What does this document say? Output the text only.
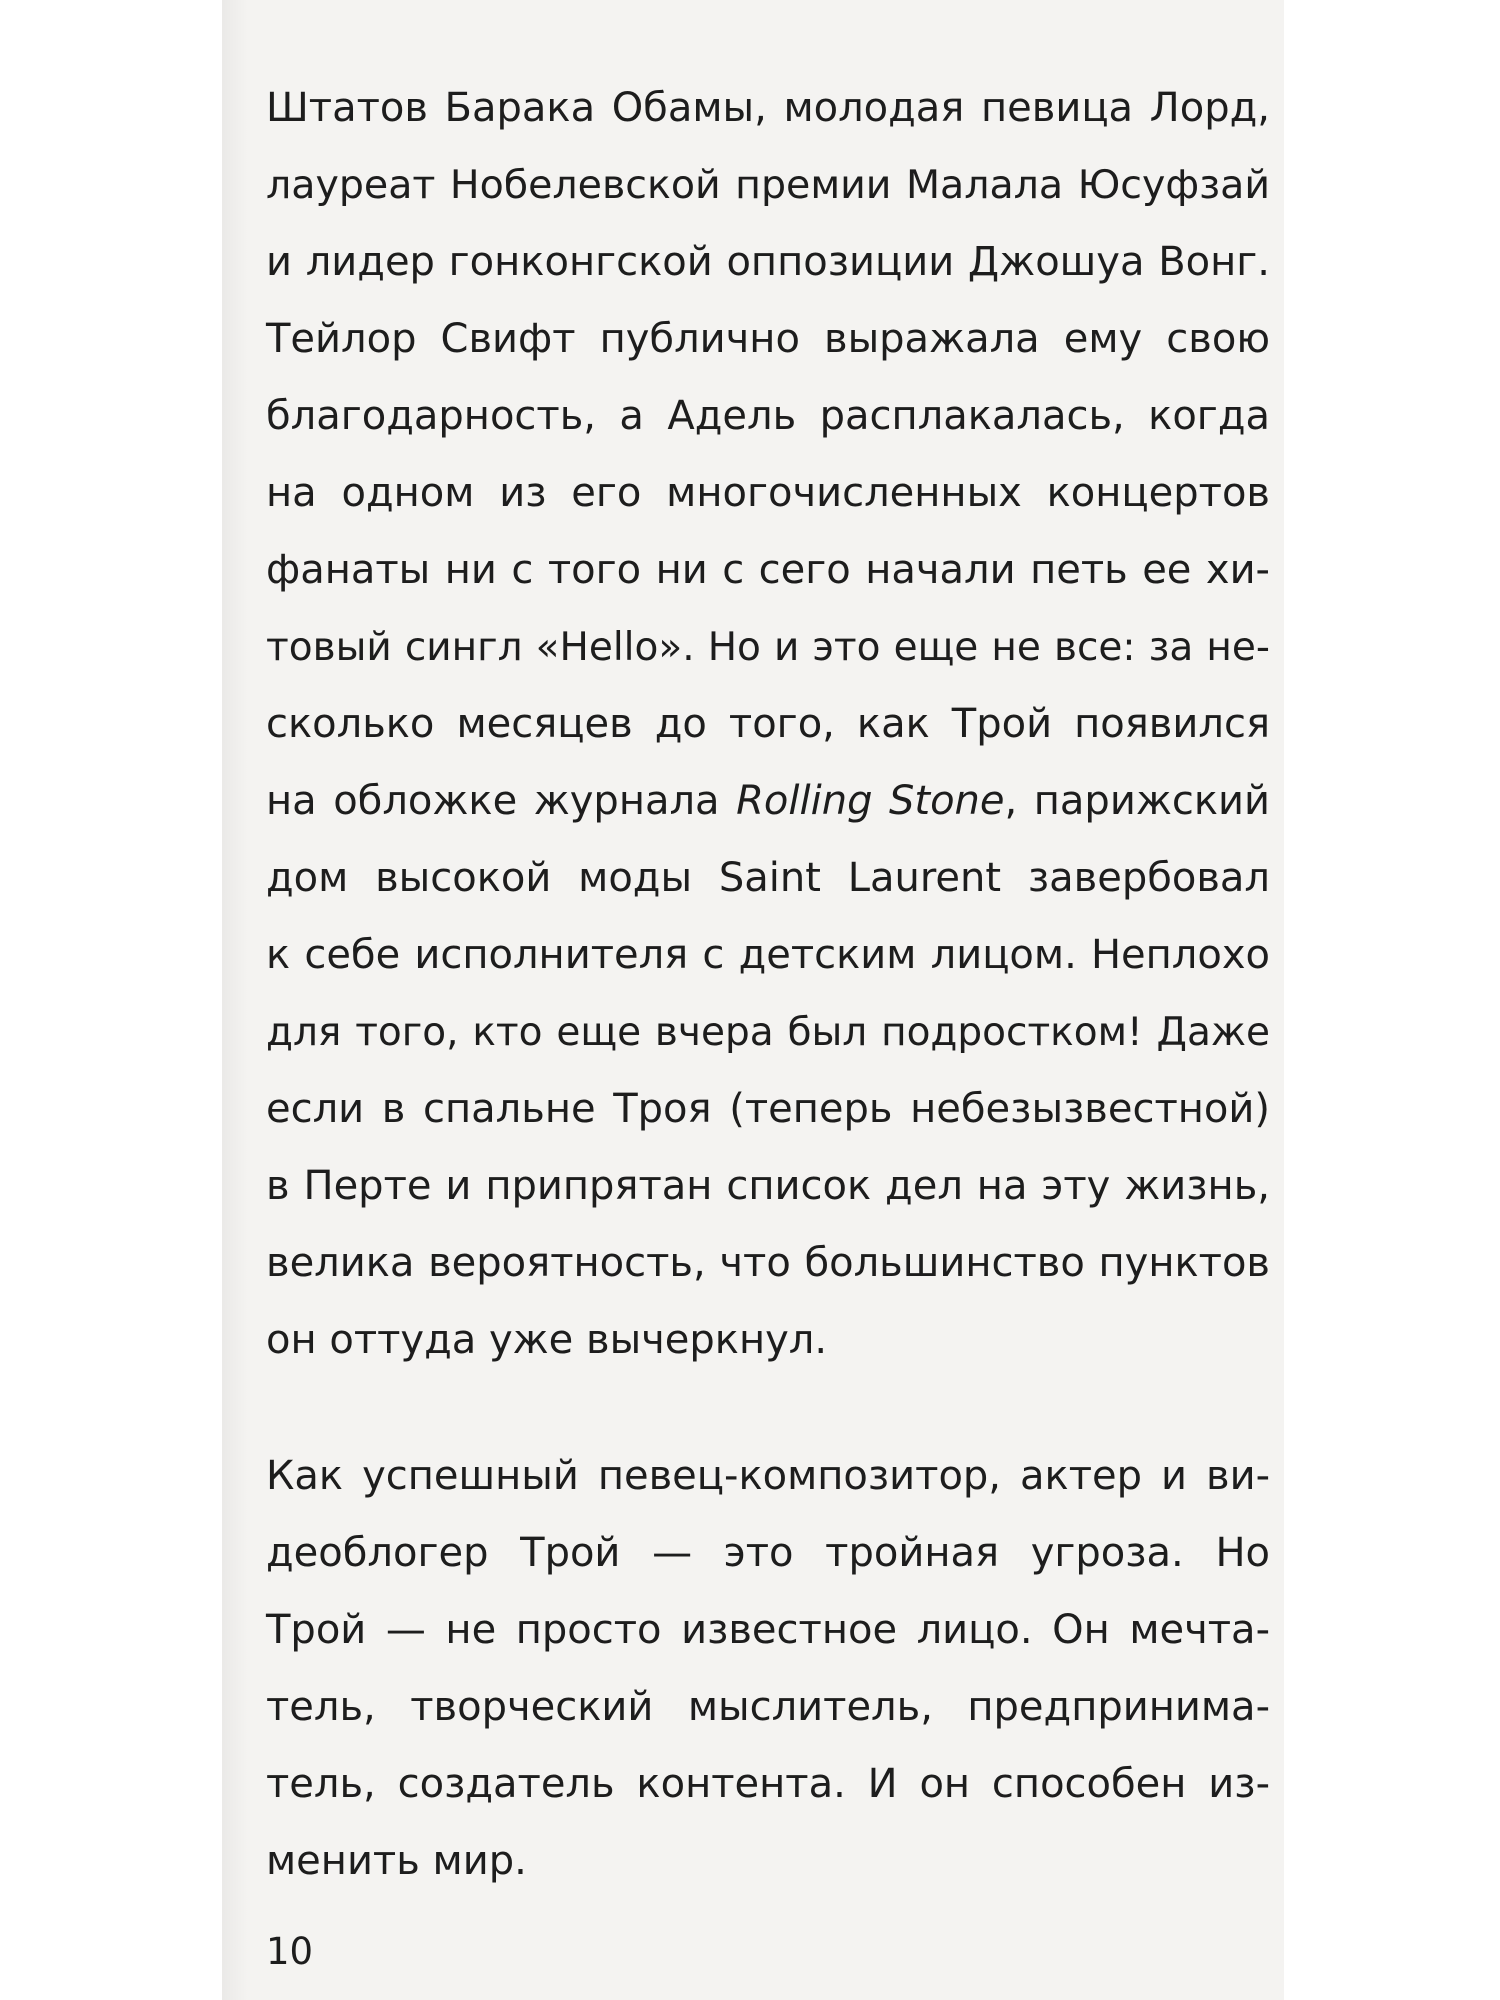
Штатов Барака Обамы, молодая певица Лорд,
лауреат Нобелевской премии Малала Юсуфзай
и лидер гонконгской оппозиции Джошуа Вонг.
Тейлор Свифт публично выражала ему свою
благодарность, а Адель расплакалась, когда
на одном из его многочисленных концертов
фанаты ни с того ни с сего начали петь ее хи-
товый сингл «Hello». Но и это еще не все: за не-
сколько месяцев до того, как Трой появился
на обложке журнала Rolling Stone, парижский
дом высокой моды Saint Laurent завербовал
к себе исполнителя с детским лицом. Неплохо
для того, кто еще вчера был подростком! Даже
если в спальне Троя (теперь небезызвестной)
в Перте и припрятан список дел на эту жизнь,
велика вероятность, что большинство пунктов
он оттуда уже вычеркнул.
Как успешный певец-композитор, актер и ви-
деоблогер Трой — это тройная угроза. Но
Трой — не просто известное лицо. Он мечта-
тель, творческий мыслитель, предпринима-
тель, создатель контента. И он способен из-
менить мир.
10
